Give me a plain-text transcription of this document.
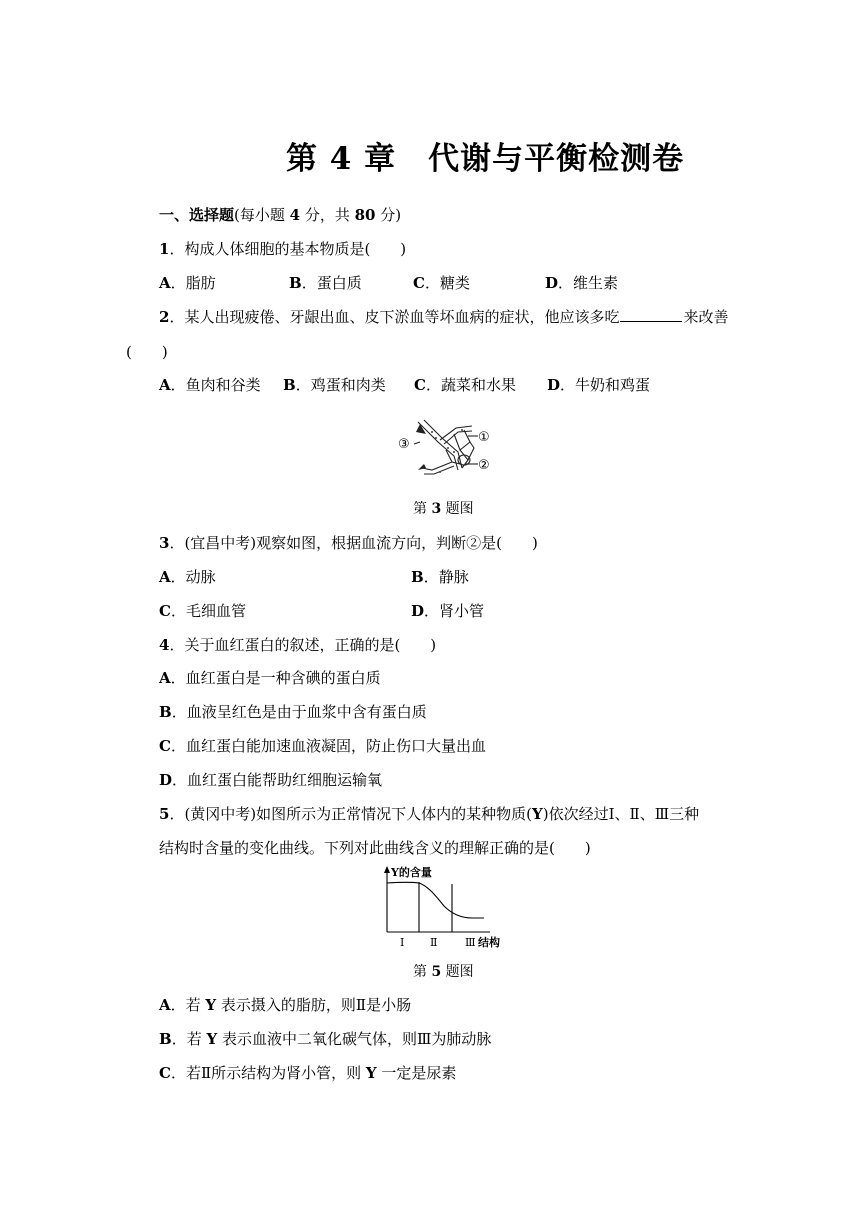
第 4 章　代谢与平衡检测卷
一、选择题(每小题 4 分，共 80 分)
1．构成人体细胞的基本物质是(　　)
A．脂肪	B．蛋白质	C．糖类	D．维生素
2．某人出现疲倦、牙龈出血、皮下淤血等坏血病的症状，他应该多吃	来改善
(　　)
A．鱼肉和谷类 B．鸡蛋和肉类 C．蔬菜和水果 D．牛奶和鸡蛋
③	①
②
第 3 题图
3．(宜昌中考)观察如图，根据血流方向，判断②是(　　)
A．动脉	B．静脉
C．毛细血管	D．肾小管
4．关于血红蛋白的叙述，正确的是(　　)
A．血红蛋白是一种含碘的蛋白质
B．血液呈红色是由于血浆中含有蛋白质
C．血红蛋白能加速血液凝固，防止伤口大量出血
D．血红蛋白能帮助红细胞运输氧
5．(黄冈中考)如图所示为正常情况下人体内的某种物质(Y)依次经过Ⅰ、Ⅱ、Ⅲ三种
结构时含量的变化曲线。下列对此曲线含义的理解正确的是(　　)
Y的含量
Ⅰ Ⅱ	Ⅲ 结构
第 5 题图
A．若 Y 表示摄入的脂肪，则Ⅱ是小肠
B．若 Y 表示血液中二氧化碳气体，则Ⅲ为肺动脉
C．若Ⅱ所示结构为肾小管，则 Y 一定是尿素
